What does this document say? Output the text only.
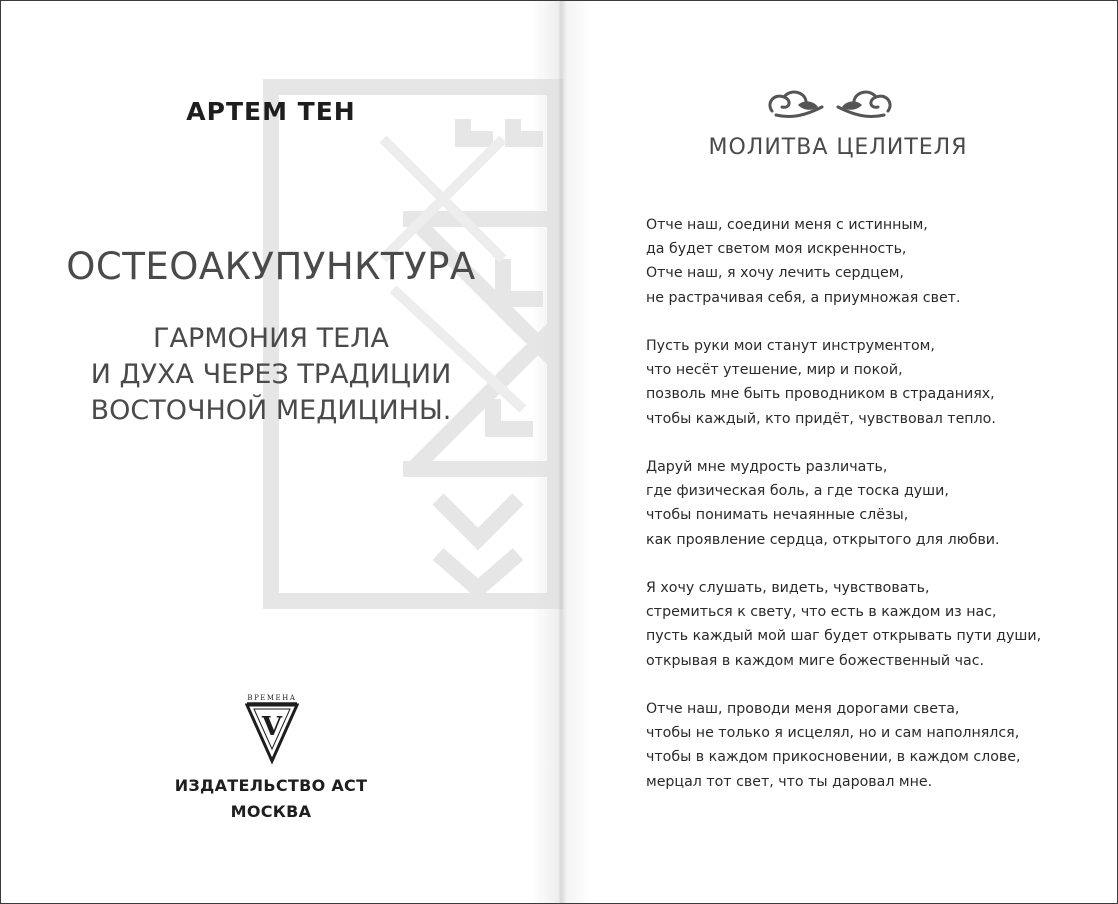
АРТЕМ ТЕН
ОСТЕОАКУПУНКТУРА
ГАРМОНИЯ ТЕЛА
И ДУХА ЧЕРЕЗ ТРАДИЦИИ
ВОСТОЧНОЙ МЕДИЦИНЫ.
ВРЕМЕНА
V
ИЗДАТЕЛЬСТВО АСТ
МОСКВА
МОЛИТВА ЦЕЛИТЕЛЯ
Отче наш, соедини меня с истинным,
да будет светом моя искренность,
Отче наш, я хочу лечить сердцем,
не растрачивая себя, а приумножая свет.
Пусть руки мои станут инструментом,
что несёт утешение, мир и покой,
позволь мне быть проводником в страданиях,
чтобы каждый, кто придёт, чувствовал тепло.
Даруй мне мудрость различать,
где физическая боль, а где тоска души,
чтобы понимать нечаянные слёзы,
как проявление сердца, открытого для любви.
Я хочу слушать, видеть, чувствовать,
стремиться к свету, что есть в каждом из нас,
пусть каждый мой шаг будет открывать пути души,
открывая в каждом миге божественный час.
Отче наш, проводи меня дорогами света,
чтобы не только я исцелял, но и сам наполнялся,
чтобы в каждом прикосновении, в каждом слове,
мерцал тот свет, что ты даровал мне.
